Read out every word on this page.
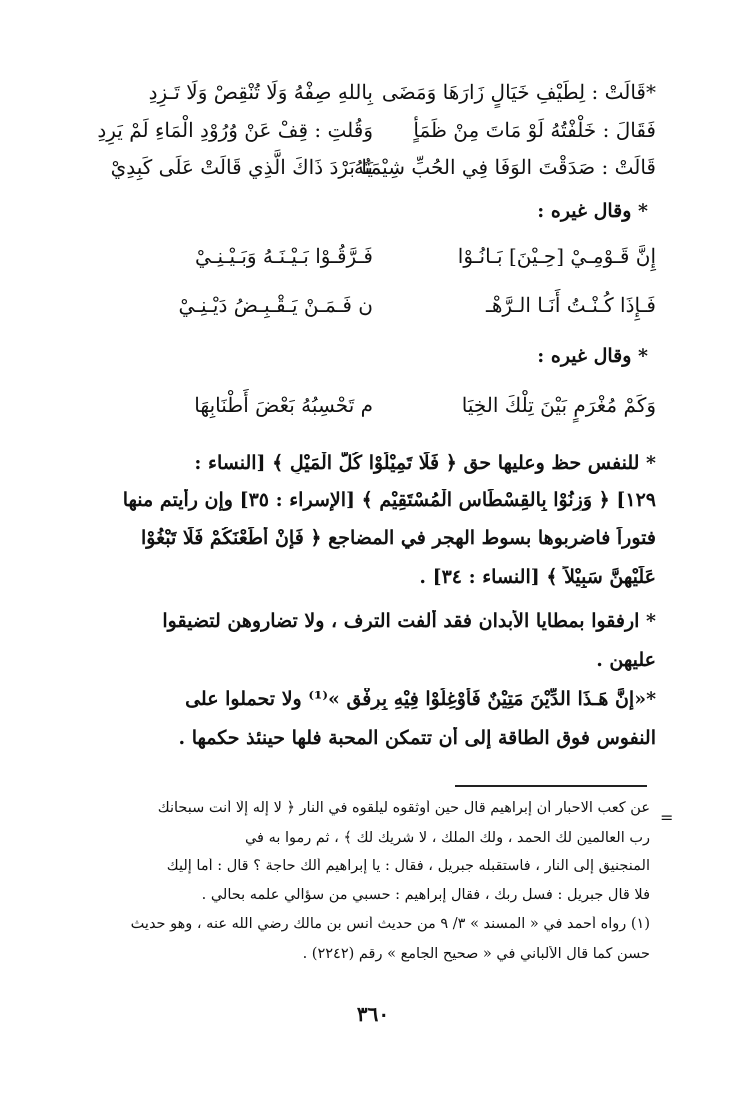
*قَالَتْ : لِطَيْفِ خَيَالٍ زَارَهَا وَمَضَى
بِاللهِ صِفْهُ وَلَا تُنْقِصْ وَلَا تَـزِدِ
فَقَالَ : خَلْفْتُهُ لَوْ مَاتَ مِنْ ظَمَأٍ
وَقُلتِ : قِفْ عَنْ وُرُوْدِ الْمَاءِ لَمْ يَرِدِ
قَالَتْ : صَدَقْتَ الوَفَا فِي الحُبِّ شِيْمَتُهُ
يَا بَرْدَ ذَاكَ الَّذِي قَالَتْ عَلَى كَبِدِيْ
* وقال غيره :
إِنَّ قَـوْمِـيْ [حِـيْنَ] بَـانُـوْا
فَـرَّقُـوْا بَـيْـنَـهُ وَبَـيْـنِـيْ
فَـإِذَا كُـنْـتُ أَنَـا الـرَّهْـ
ن فَـمَـنْ يَـقْـبِـضُ دَيْـنِـيْ
* وقال غيره :
وَكَمْ مُغْرَمٍ بَيْنَ تِلْكَ الخِيَا
م تَحْسِبُهُ بَعْضَ أَطْنَابِهَا
* للنفس حظ وعليها حق ﴿ فَلَا تَمِيْلُوْا كُلَّ الْمَيْلِ ﴾ [النساء :
١٢٩] ﴿ وَزِنُوْا بِالقِسْطَاسِ الْمُسْتَقِيْمِ ﴾ [الإسراء : ٣٥] وإن رأيتم منها
فتوراً فاضربوها بسوط الهجر في المضاجع ﴿ فَإِنْ أَطَعْنَكُمْ فَلَا تَبْغُوْا
عَلَيْهِنَّ سَبِيْلاً ﴾ [النساء : ٣٤] .
* ارفقوا بمطايا الأبدان فقد ألفت الترف ، ولا تضاروهن لتضيقوا
عليهن .
*«إِنَّ هَـذَا الدِّيْنَ مَتِيْنٌ فَأَوْغِلُوْا فِيْهِ بِرِفْقٍ »⁽¹⁾ ولا تحملوا على
النفوس فوق الطاقة إلى أن تتمكن المحبة فلها حينئذ حكمها .
=
عن كعب الاحبار أن إبراهيم قال حين أوثقوه ليلقوه في النار ﴿ لا إله إلّا أنت سبحانك
رب العالمين لك الحمد ، ولك الملك ، لا شريك لك ﴾ ، ثم رموا به في
المنجنيق إلى النار ، فاستقبله جبريل ، فقال : يا إبراهيم ألك حاجة ؟ قال : أما إليك
فلا قال جبريل : فسل ربك ، فقال إبراهيم : حسبي من سؤالي علمه بحالي .
(١) رواه أحمد في « المسند » ٣/ ٩ من حديث أنس بن مالك رضي الله عنه ، وهو حديث
حسن كما قال الألباني في « صحيح الجامع » رقم (٢٢٤٢) .
٣٦٠
